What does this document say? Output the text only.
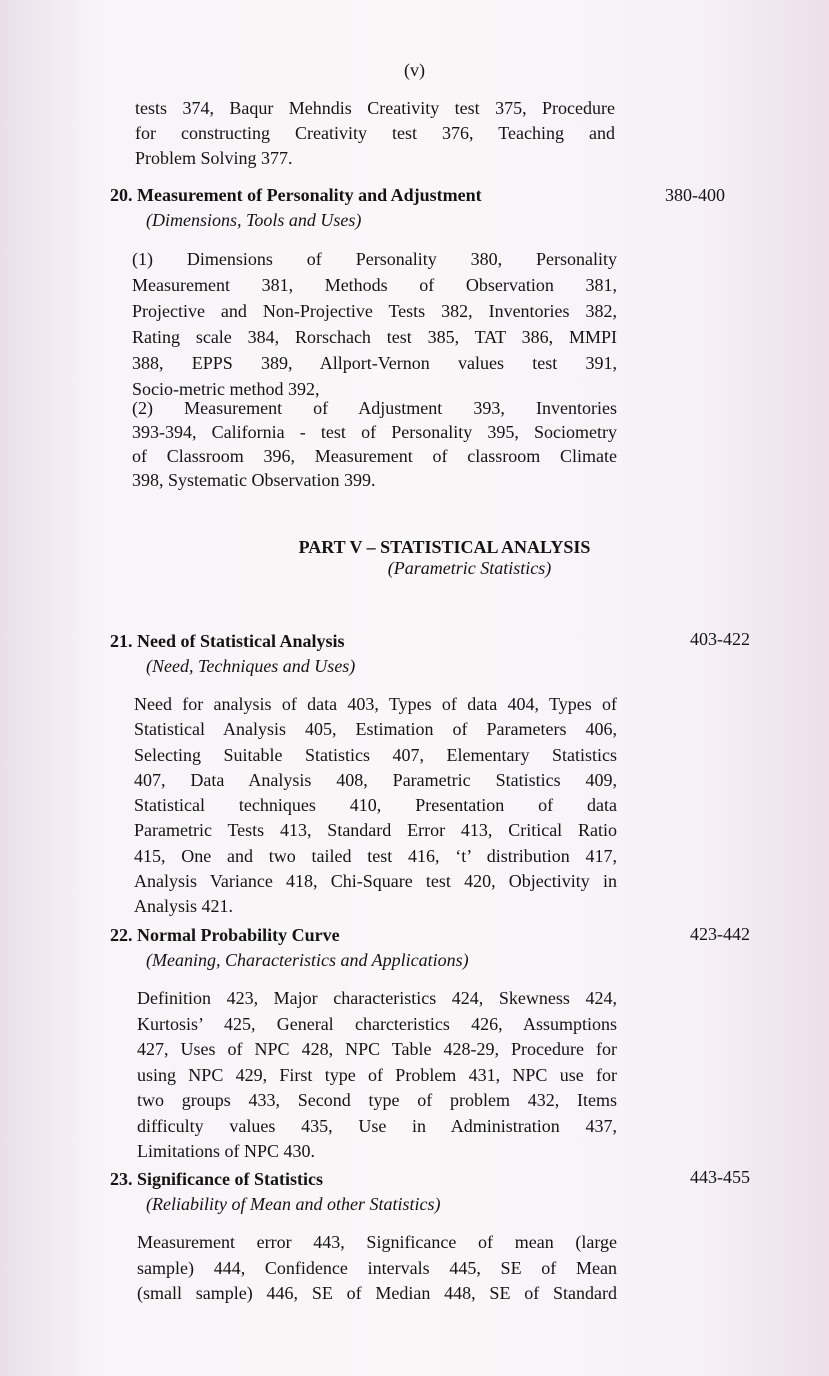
(v)
tests 374, Baqur Mehndis Creativity test 375, Procedure
for constructing Creativity test 376, Teaching and
Problem Solving 377.
20. Measurement of Personality and Adjustment	380-400
(Dimensions, Tools and Uses)
(1) Dimensions of Personality 380, Personality
Measurement 381, Methods of Observation 381,
Projective and Non-Projective Tests 382, Inventories 382,
Rating scale 384, Rorschach test 385, TAT 386, MMPI
388, EPPS 389, Allport-Vernon values test 391,
Socio-metric method 392,
(2) Measurement of Adjustment 393, Inventories
393-394, California - test of Personality 395, Sociometry
of Classroom 396, Measurement of classroom Climate
398, Systematic Observation 399.
PART V – STATISTICAL ANALYSIS
(Parametric Statistics)
21. Need of Statistical Analysis	403-422
(Need, Techniques and Uses)
Need for analysis of data 403, Types of data 404, Types of
Statistical Analysis 405, Estimation of Parameters 406,
Selecting Suitable Statistics 407, Elementary Statistics
407, Data Analysis 408, Parametric Statistics 409,
Statistical techniques 410, Presentation of data
Parametric Tests 413, Standard Error 413, Critical Ratio
415, One and two tailed test 416, ‘t’ distribution 417,
Analysis Variance 418, Chi-Square test 420, Objectivity in
Analysis 421.
22. Normal Probability Curve	423-442
(Meaning, Characteristics and Applications)
Definition 423, Major characteristics 424, Skewness 424,
Kurtosis’ 425, General charcteristics 426, Assumptions
427, Uses of NPC 428, NPC Table 428-29, Procedure for
using NPC 429, First type of Problem 431, NPC use for
two groups 433, Second type of problem 432, Items
difficulty values 435, Use in Administration 437,
Limitations of NPC 430.
23. Significance of Statistics	443-455
(Reliability of Mean and other Statistics)
Measurement error 443, Significance of mean (large
sample) 444, Confidence intervals 445, SE of Mean
(small sample) 446, SE of Median 448, SE of Standard
